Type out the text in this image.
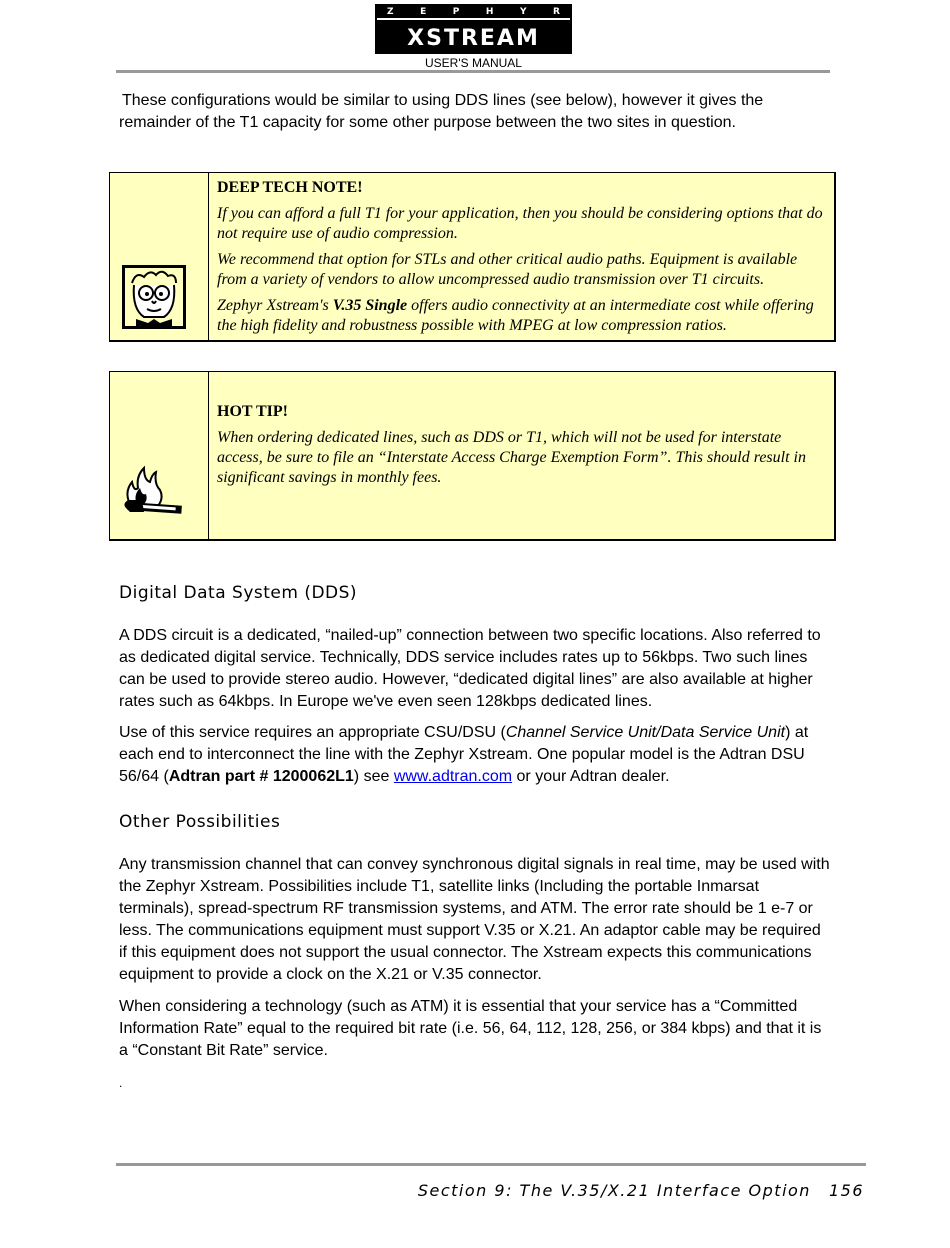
Z	E	P	H	Y	R
XSTREAM
USER'S MANUAL

These configurations would be similar to using DDS lines (see below), however it gives the remainder of the T1 capacity for some other purpose between the two sites in question.

DEEP TECH NOTE!

If you can afford a full T1 for your application, then you should be considering options that do not require use of audio compression.

We recommend that option for STLs and other critical audio paths. Equipment is available from a variety of vendors to allow uncompressed audio transmission over T1 circuits.

Zephyr Xstream's V.35 Single offers audio connectivity at an intermediate cost while offering the high fidelity and robustness possible with MPEG at low compression ratios.

HOT TIP!

When ordering dedicated lines, such as DDS or T1, which will not be used for interstate access, be sure to file an “Interstate Access Charge Exemption Form”. This should result in significant savings in monthly fees.

Digital Data System (DDS)

A DDS circuit is a dedicated, “nailed-up” connection between two specific locations. Also referred to as dedicated digital service. Technically, DDS service includes rates up to 56kbps. Two such lines can be used to provide stereo audio. However, “dedicated digital lines” are also available at higher rates such as 64kbps. In Europe we've even seen 128kbps dedicated lines.

Use of this service requires an appropriate CSU/DSU (Channel Service Unit/Data Service Unit) at each end to interconnect the line with the Zephyr Xstream. One popular model is the Adtran DSU 56/64 (Adtran part # 1200062L1) see www.adtran.com or your Adtran dealer.

Other Possibilities

Any transmission channel that can convey synchronous digital signals in real time, may be used with the Zephyr Xstream. Possibilities include T1, satellite links (Including the portable Inmarsat terminals), spread-spectrum RF transmission systems, and ATM. The error rate should be 1 e-7 or less. The communications equipment must support V.35 or X.21. An adaptor cable may be required if this equipment does not support the usual connector. The Xstream expects this communications equipment to provide a clock on the X.21 or V.35 connector.

When considering a technology (such as ATM) it is essential that your service has a “Committed Information Rate” equal to the required bit rate (i.e. 56, 64, 112, 128, 256, or 384 kbps) and that it is a “Constant Bit Rate” service.

.
Section 9: The V.35/X.21 Interface Option 156
